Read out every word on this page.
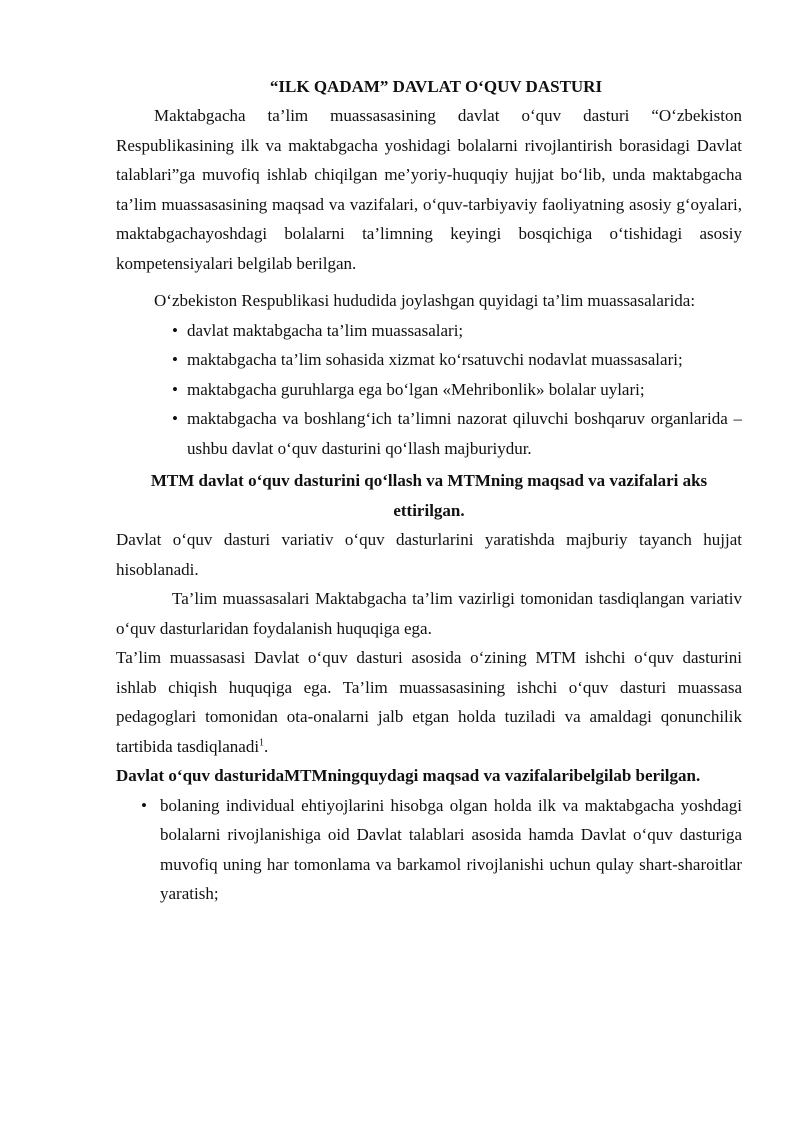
“ILK QADAM” DAVLAT O‘QUV DASTURI

Maktabgacha ta’lim muassasasining davlat o‘quv dasturi “O‘zbekiston Respublikasining ilk va maktabgacha yoshidagi bolalarni rivojlantirish borasidagi Davlat talablari”ga muvofiq ishlab chiqilgan me’yoriy-huquqiy hujjat bo‘lib, unda maktabgacha ta’lim muassasasining maqsad va vazifalari, o‘quv-tarbiyaviy faoliyatning asosiy g‘oyalari, maktabgachayoshdagi bolalarni ta’limning keyingi bosqichiga o‘tishidagi asosiy kompetensiyalari belgilab berilgan.

O‘zbekiston Respublikasi hududida joylashgan quyidagi ta’lim muassasalarida:

• davlat maktabgacha ta’lim muassasalari;
• maktabgacha ta’lim sohasida xizmat ko‘rsatuvchi nodavlat muassasalari;
• maktabgacha guruhlarga ega bo‘lgan «Mehribonlik» bolalar uylari;
• maktabgacha va boshlang‘ich ta’limni nazorat qiluvchi boshqaruv organlarida – ushbu davlat o‘quv dasturini qo‘llash majburiydur.

MTM davlat o‘quv dasturini qo‘llash va MTMning maqsad va vazifalari aks ettirilgan.

Davlat o‘quv dasturi variativ o‘quv dasturlarini yaratishda majburiy tayanch hujjat hisoblanadi.

Ta’lim muassasalari Maktabgacha ta’lim vazirligi tomonidan tasdiqlangan variativ o‘quv dasturlaridan foydalanish huquqiga ega.

Ta’lim muassasasi Davlat o‘quv dasturi asosida o‘zining MTM ishchi o‘quv dasturini ishlab chiqish huquqiga ega. Ta’lim muassasasining ishchi o‘quv dasturi muassasa pedagoglari tomonidan ota-onalarni jalb etgan holda tuziladi va amaldagi qonunchilik tartibida tasdiqlanadi$^1$.

Davlat o‘quv dasturidaMTMningquydagi maqsad va vazifalaribelgilab berilgan.

• bolaning individual ehtiyojlarini hisobga olgan holda ilk va maktabgacha yoshdagi bolalarni rivojlanishiga oid Davlat talablari asosida hamda Davlat o‘quv dasturiga muvofiq uning har tomonlama va barkamol rivojlanishi uchun qulay shart-sharoitlar yaratish;
